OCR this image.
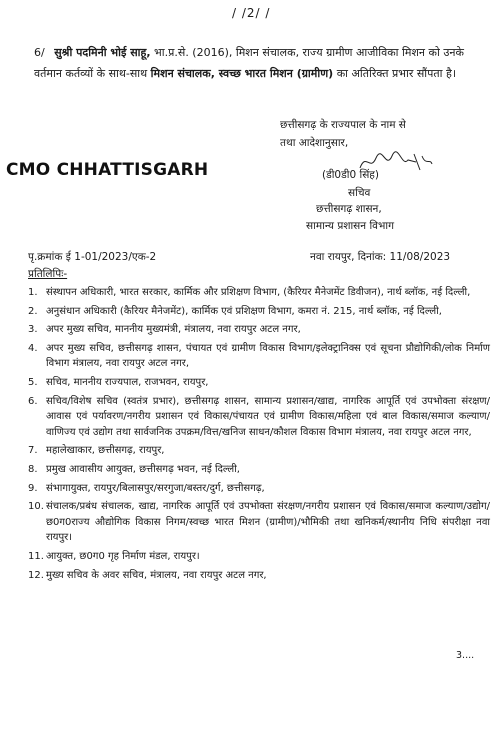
/ /2/ /
6/ सुश्री पदमिनी भोई साहू, भा.प्र.से. (2016), मिशन संचालक, राज्य ग्रामीण आजीविका मिशन को उनके वर्तमान कर्तव्यों के साथ-साथ मिशन संचालक, स्वच्छ भारत मिशन (ग्रामीण) का अतिरिक्त प्रभार सौंपता है।
छत्तीसगढ़ के राज्यपाल के नाम से
तथा आदेशानुसार,
CMO CHHATTISGARH	(डी0डी0 सिंह)
सचिव
छत्तीसगढ़ शासन,
सामान्य प्रशासन विभाग
पृ.क्रमांक ई 1-01/2023/एक-2	नवा रायपुर, दिनांक: 11/08/2023
प्रतिलिपिः-
1. संस्थापन अधिकारी, भारत सरकार, कार्मिक और प्रशिक्षण विभाग, (कैरियर मैनेजमेंट डिवीजन), नार्थ ब्लॉक, नई दिल्ली,
2. अनुसंधान अधिकारी (कैरियर मैनेजमेंट), कार्मिक एवं प्रशिक्षण विभाग, कमरा नं. 215, नार्थ ब्लॉक, नई दिल्ली,
3. अपर मुख्य सचिव, माननीय मुख्यमंत्री, मंत्रालय, नवा रायपुर अटल नगर,
4. अपर मुख्य सचिव, छत्तीसगढ़ शासन, पंचायत एवं ग्रामीण विकास विभाग/इलेक्ट्रानिक्स एवं सूचना प्रौद्योगिकी/लोक निर्माण विभाग मंत्रालय, नवा रायपुर अटल नगर,
5. सचिव, माननीय राज्यपाल, राजभवन, रायपुर,
6. सचिव/विशेष सचिव (स्वतंत्र प्रभार), छत्तीसगढ़ शासन, सामान्य प्रशासन/खाद्य, नागरिक आपूर्ति एवं उपभोक्ता संरक्षण/आवास एवं पर्यावरण/नगरीय प्रशासन एवं विकास/पंचायत एवं ग्रामीण विकास/महिला एवं बाल विकास/समाज कल्याण/वाणिज्य एवं उद्योग तथा सार्वजनिक उपक्रम/वित्त/खनिज साधन/कौशल विकास विभाग मंत्रालय, नवा रायपुर अटल नगर,
7. महालेखाकार, छत्तीसगढ़, रायपुर,
8. प्रमुख आवासीय आयुक्त, छत्तीसगढ़ भवन, नई दिल्ली,
9. संभागायुक्त, रायपुर/बिलासपुर/सरगुजा/बस्तर/दुर्ग, छत्तीसगढ़,
10. संचालक/प्रबंध संचालक, खाद्य, नागरिक आपूर्ति एवं उपभोक्ता संरक्षण/नगरीय प्रशासन एवं विकास/समाज कल्याण/उद्योग/छ0ग0राज्य औद्योगिक विकास निगम/स्वच्छ भारत मिशन (ग्रामीण)/भौमिकी तथा खनिकर्म/स्थानीय निधि संपरीक्षा नवा रायपुर।
11. आयुक्त, छ0ग0 गृह निर्माण मंडल, रायपुर।
12. मुख्य सचिव के अवर सचिव, मंत्रालय, नवा रायपुर अटल नगर,
3....
